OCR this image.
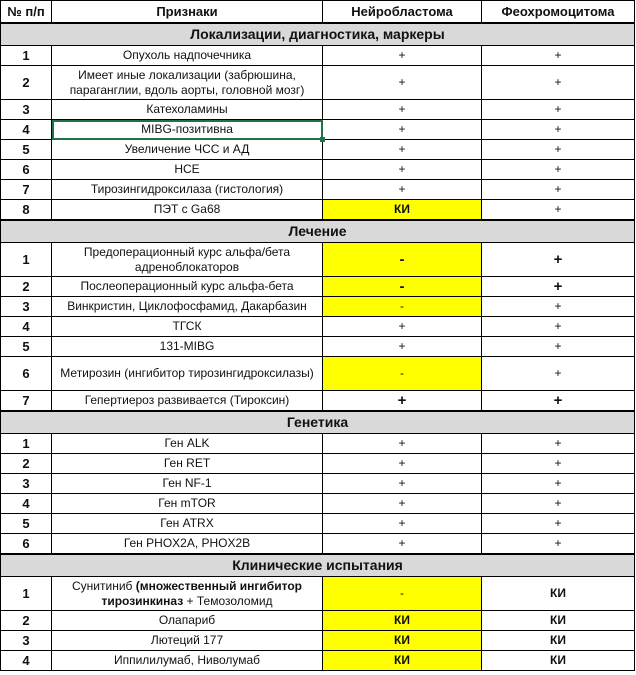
№ п/п	Признаки	Нейробластома	Феохромоцитома
Локализации, диагностика, маркеры			
1	Опухоль надпочечника	+	+
2	Имеет иные локализации (забрюшина, параганглии, вдоль аорты, головной мозг)	+	+
3	Катехоламины	+	+
4	MIBG-позитивна	+	+
5	Увеличение ЧСС и АД	+	+
6	НСЕ	+	+
7	Тирозингидроксилаза (гистология)	+	+
8	ПЭТ с Ga68	КИ	+
Лечение			
1	Предоперационный курс альфа/бета адреноблокаторов	-	+
2	Послеоперационный курс альфа-бета	-	+
3	Винкристин, Циклофосфамид, Дакарбазин	-	+
4	ТГСК	+	+
5	131-MIBG	+	+
6	Метирозин (ингибитор тирозингидроксилазы)	-	+
7	Гепертиероз развивается (Тироксин)	+	+
Генетика			
1	Ген ALK	+	+
2	Ген RET	+	+
3	Ген NF-1	+	+
4	Ген mTOR	+	+
5	Ген ATRX	+	+
6	Ген PHOX2A, PHOX2B	+	+
Клинические испытания			
1	Сунитиниб (множественный ингибитор тирозинкиназ + Темозоломид	-	КИ
2	Олапариб	КИ	КИ
3	Лютеций 177	КИ	КИ
4	Иппилилумаб, Ниволумаб	КИ	КИ
